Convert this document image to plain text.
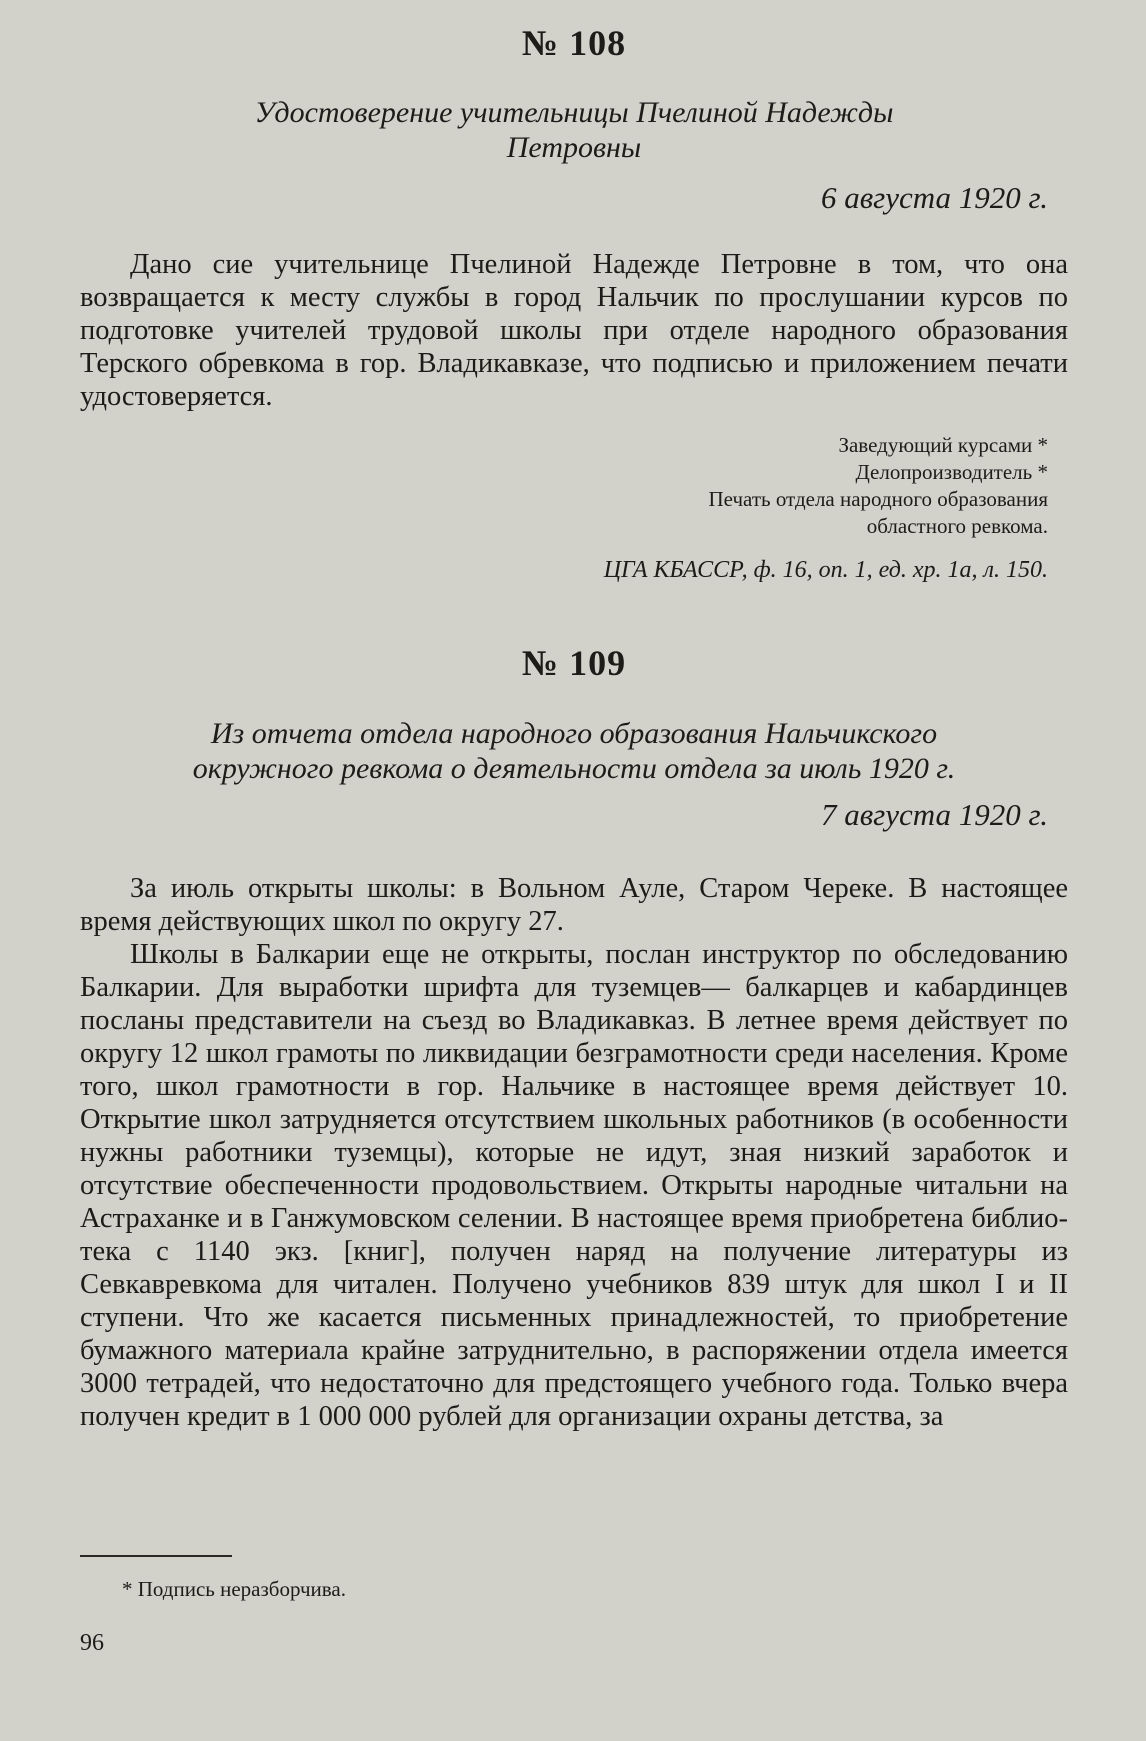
№ 108
Удостоверение учительницы Пчелиной Надежды
Петровны
6 августа 1920 г.

Дано сие учительнице Пчелиной Надежде Петровне в том, что она возвращается к месту службы в город Нальчик по прослушании курсов по подготовке учителей трудовой школы при отделе народного образования Терского обревкома в гор. Владикавказе, что подписью и приложением печати удостоверяется.

Заведующий курсами *
Делопроизводитель *
Печать отдела народного образования
областного ревкома.
ЦГА КБАССР, ф. 16, оп. 1, ед. хр. 1а, л. 150.
№ 109
Из отчета отдела народного образования Нальчикского
окружного ревкома о деятельности отдела за июль 1920 г.
7 августа 1920 г.

За июль открыты школы: в Вольном Ауле, Старом Череке. В настоящее время действующих школ по округу 27.

Школы в Балкарии еще не открыты, послан инструктор по обследованию Балкарии. Для выработки шрифта для туземцев— балкарцев и кабардинцев посланы представители на съезд во Владикавказ. В летнее время действует по округу 12 школ грамоты по ликвидации безграмотности среди населения. Кроме того, школ грамотности в гор. Нальчике в настоящее время действует 10. Открытие школ затрудняется отсутствием школьных работников (в особенности нужны работники туземцы), которые не идут, зная низкий заработок и отсутствие обеспеченности продовольствием. Открыты народные читальни на Астраханке и в Ганжумовском селении. В настоящее время приобретена библиотека с 1140 экз. [книг], получен наряд на получение литературы из Севкавревкома для читален. Получено учебников 839 штук для школ I и II ступени. Что же касается письменных принадлежностей, то приобретение бумажного материала крайне затруднительно, в распоряжении отдела имеется 3000 тетрадей, что недостаточно для предстоящего учебного года. Только вчера получен кредит в 1 000 000 рублей для организации охраны детства, за

* Подпись неразборчива.
96
